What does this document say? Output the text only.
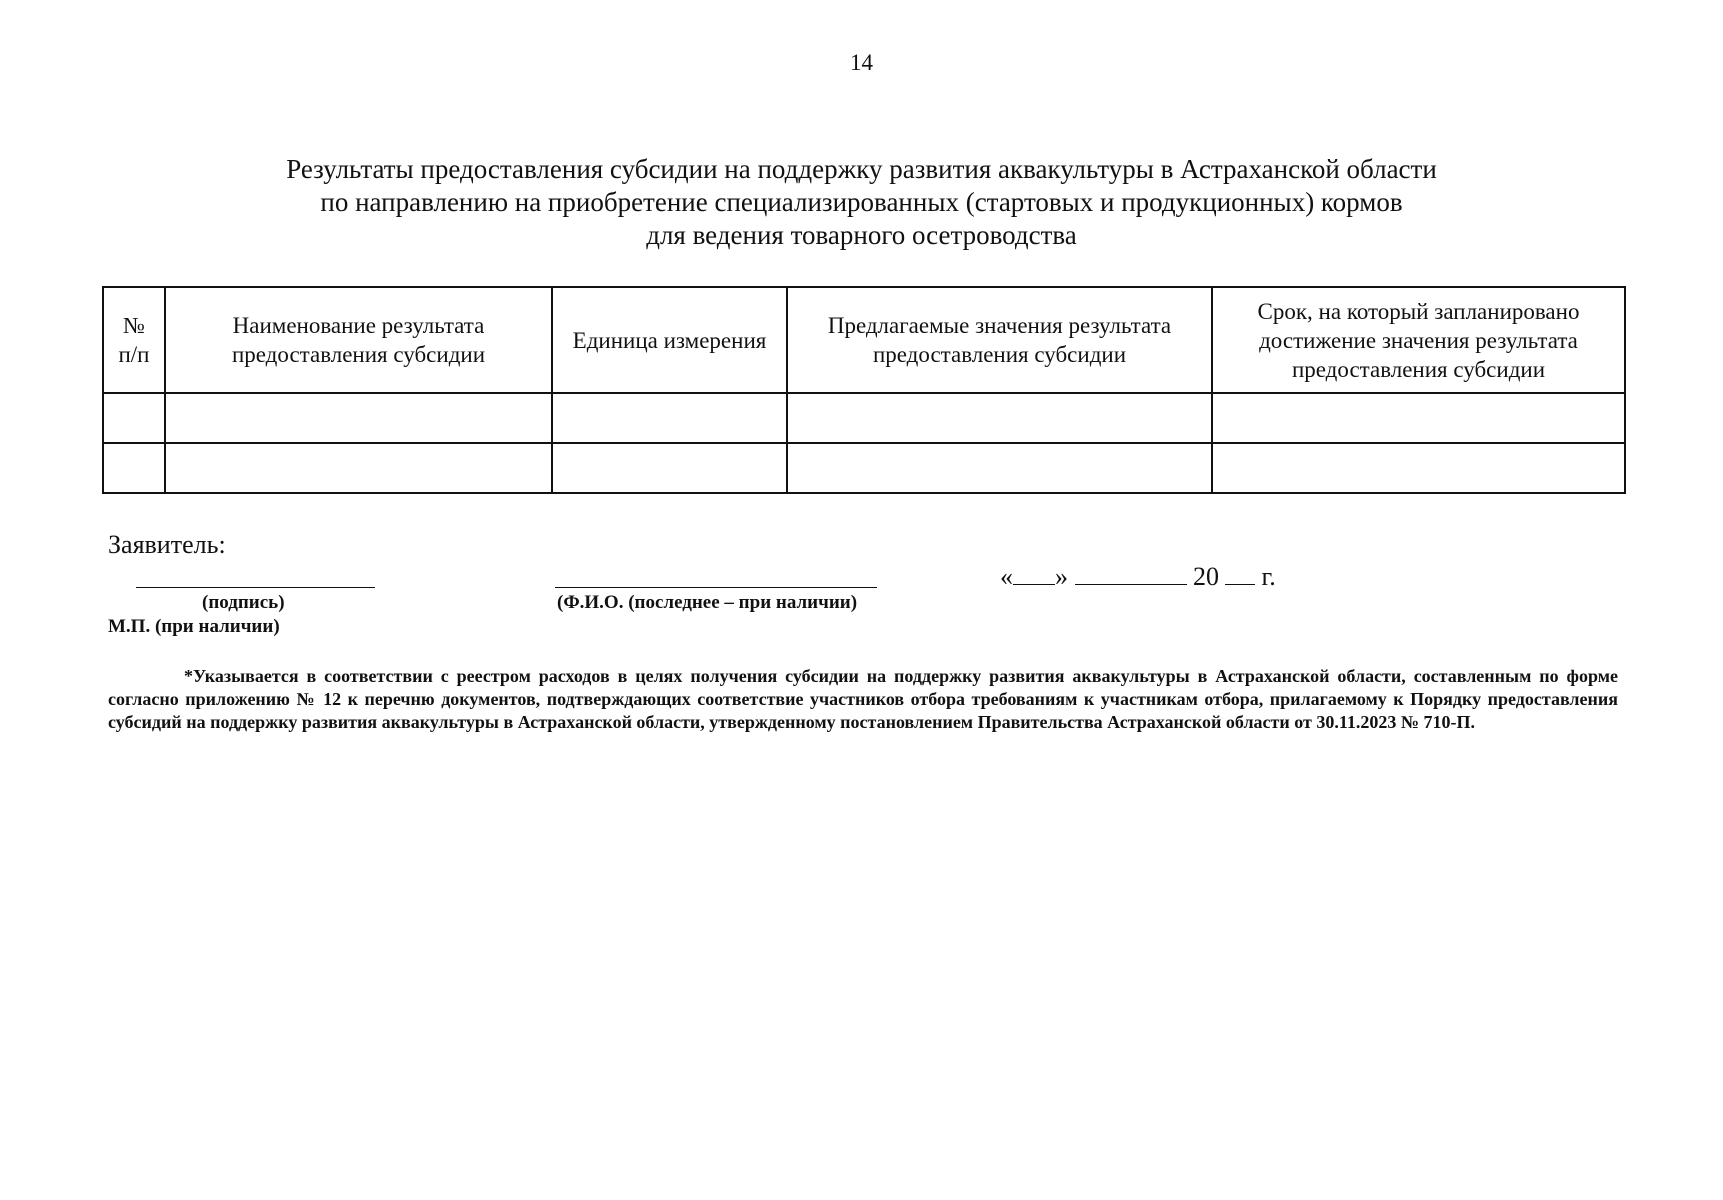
14
Результаты предоставления субсидии на поддержку развития аквакультуры в Астраханской области
по направлению на приобретение специализированных (стартовых и продукционных) кормов
для ведения товарного осетроводства
№ п/п	Наименование результата предоставления субсидии	Единица измерения	Предлагаемые значения результата предоставления субсидии	Срок, на который запланировано достижение значения результата предоставления субсидии

Заявитель:
(подпись)	(Ф.И.О. (последнее – при наличии)
М.П. (при наличии)
« »	20 г.
*Указывается в соответствии с реестром расходов в целях получения субсидии на поддержку развития аквакультуры в Астраханской области, составленным по форме согласно приложению № 12 к перечню документов, подтверждающих соответствие участников отбора требованиям к участникам отбора, прилагаемому к Порядку предоставления субсидий на поддержку развития аквакультуры в Астраханской области, утвержденному постановлением Правительства Астраханской области от 30.11.2023 № 710-П.
